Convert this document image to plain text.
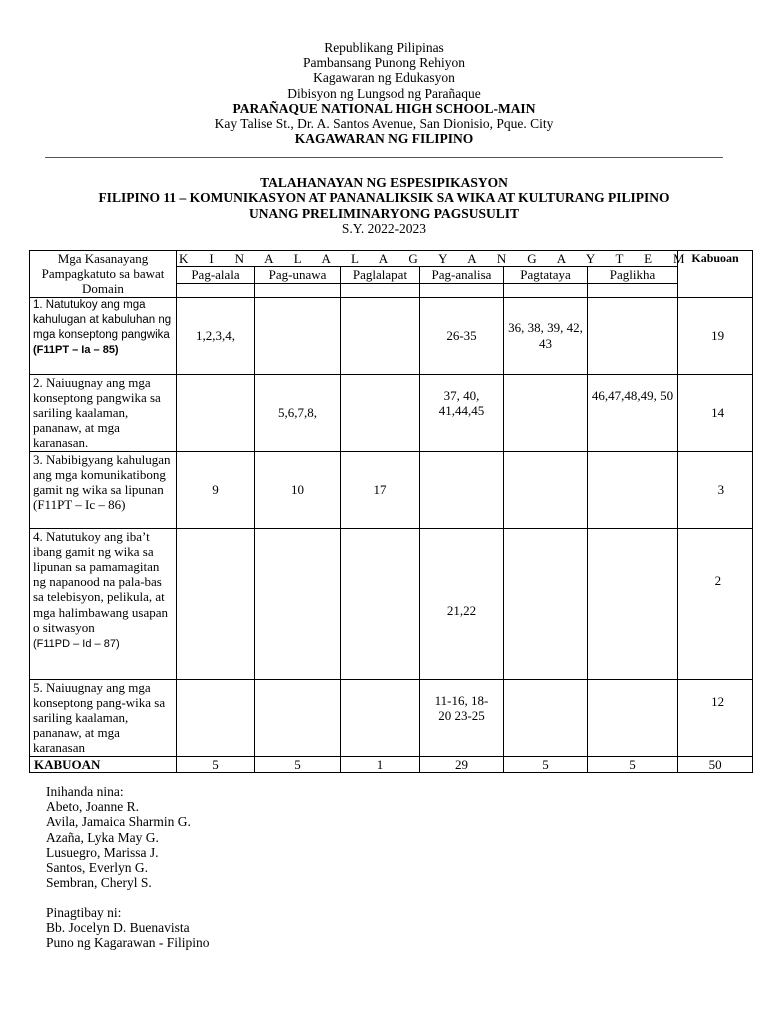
Republikang Pilipinas
Pambansang Punong Rehiyon
Kagawaran ng Edukasyon
Dibisyon ng Lungsod ng Parañaque
PARAÑAQUE NATIONAL HIGH SCHOOL-MAIN
Kay Talise St., Dr. A. Santos Avenue, San Dionisio, Pque. City
KAGAWARAN NG FILIPINO
TALAHANAYAN NG ESPESIPIKASYON
FILIPINO 11 – KOMUNIKASYON AT PANANALIKSIK SA WIKA AT KULTURANG PILIPINO
UNANG PRELIMINARYONG PAGSUSULIT
S.Y. 2022-2023
Mga Kasanayang Pampagkatuto sa bawat Domain	K I N A L A L A G Y A N G A Y T E M						Kabuoan
	Pag-alala	Pag-unawa	Paglalapat	Pag-analisa	Pagtataya	Paglikha	

1. Natutukoy ang mga kahulugan at kabuluhan ng mga konseptong pangwika (F11PT – Ia – 85)	1,2,3,4,			26-35	36, 38, 39, 42, 43		19
2. Naiuugnay ang mga konseptong pangwika sa sariling kaalaman, pananaw, at mga karanasan.		5,6,7,8,		37, 40, 41,44,45		46,47,48,49, 50	14
3. Nabibigyang kahulugan ang mga komunikatibong gamit ng wika sa lipunan (F11PT – Ic – 86)	9	10	17				3
4. Natutukoy ang iba’t ibang gamit ng wika sa lipunan sa pamamagitan ng napanood na pala-bas sa telebisyon, pelikula, at mga halimbawang usapan o sitwasyon
(F11PD – Id – 87)				21,22			2
5. Naiuugnay ang mga konseptong pang-wika sa sariling kaalaman, pananaw, at mga karanasan				11-16, 18-20 23-25			12
KABUOAN	5	5	1	29	5	5	50
Inihanda nina:
Abeto, Joanne R.
Avila, Jamaica Sharmin G.
Azaña, Lyka May G.
Lusuegro, Marissa J.
Santos, Everlyn G.
Sembran, Cheryl S.
Pinagtibay ni:
Bb. Jocelyn D. Buenavista
Puno ng Kagarawan - Filipino
